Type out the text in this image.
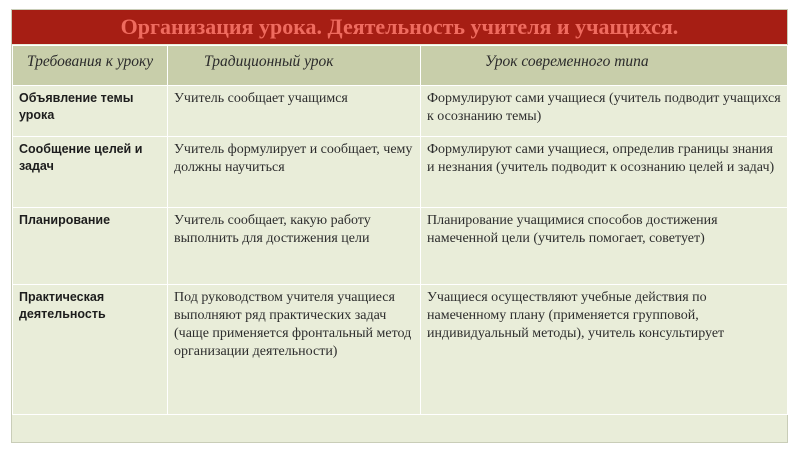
Организация урока. Деятельность учителя и учащихся.
Требования к уроку	Традиционный урок	Урок современного типа
Объявление темы урока	Учитель сообщает учащимся	Формулируют сами учащиеся (учитель подводит учащихся к осознанию темы)
Сообщение целей и задач	Учитель формулирует и сообщает, чему должны научиться	Формулируют сами учащиеся, определив границы знания и незнания (учитель подводит к осознанию целей и задач)
Планирование	Учитель сообщает, какую работу выполнить для достижения цели	Планирование учащимися способов достижения намеченной цели (учитель помогает, советует)
Практическая деятельность	Под руководством учителя учащиеся выполняют ряд практических задач (чаще применяется фронтальный метод организации деятельности)	Учащиеся осуществляют учебные действия по намеченному плану (применяется групповой, индивидуальный методы), учитель консультирует
